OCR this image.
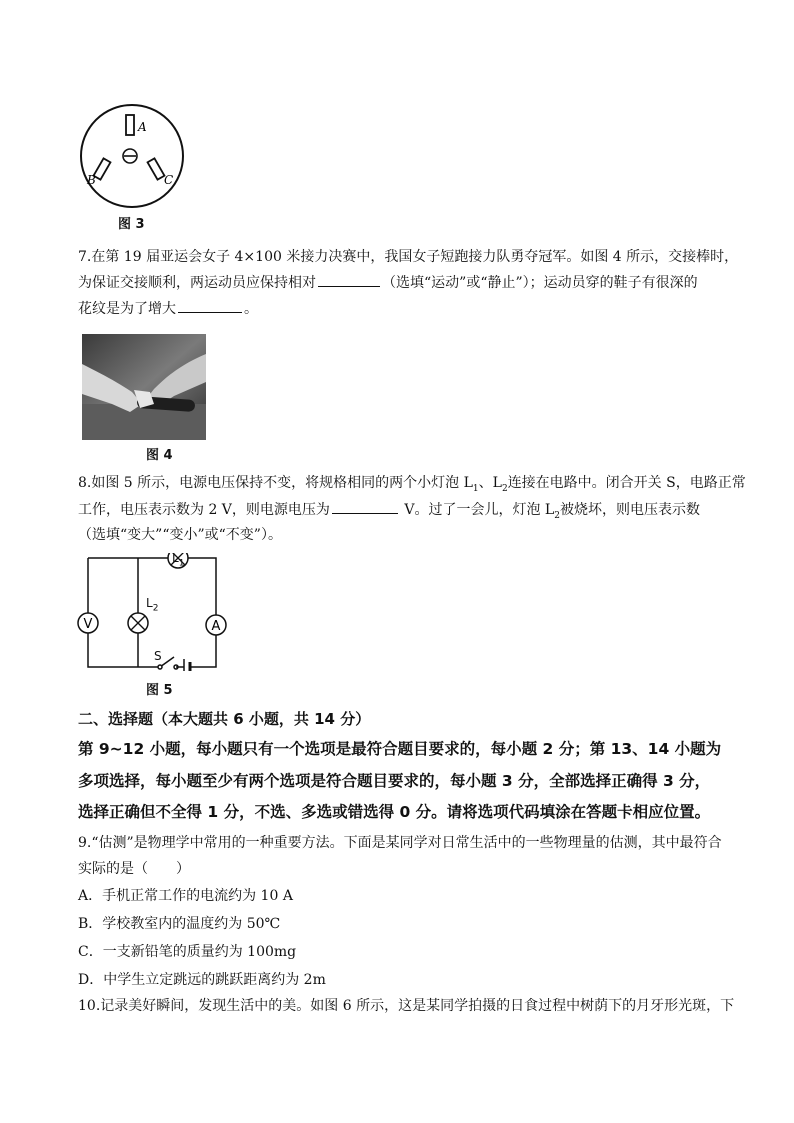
A
B	C
图 3
7.在第 19 届亚运会女子 4×100 米接力决赛中，我国女子短跑接力队勇夺冠军。如图 4 所示，交接棒时，
为保证交接顺利，两运动员应保持相对	（选填“运动”或“静止”）；运动员穿的鞋子有很深的
花纹是为了增大	。
图 4
8.如图 5 所示，电源电压保持不变，将规格相同的两个小灯泡 $L_1$、$L_2$连接在电路中。闭合开关 S，电路正常
工作，电压表示数为 2 V，则电源电压为	V。过了一会儿，灯泡 $L_2$被烧坏，则电压表示数
（选填“变大”“变小”或“不变”）。
V	A
$L_1$
$L_2$
S
图 5
二、选择题（本大题共 6 小题，共 14 分）
第 9~12 小题，每小题只有一个选项是最符合题目要求的，每小题 2 分；第 13、14 小题为
多项选择，每小题至少有两个选项是符合题目要求的，每小题 3 分，全部选择正确得 3 分，
选择正确但不全得 1 分，不选、多选或错选得 0 分。请将选项代码填涂在答题卡相应位置。
9.“估测”是物理学中常用的一种重要方法。下面是某同学对日常生活中的一些物理量的估测，其中最符合
实际的是（　　）
A．手机正常工作的电流约为 10 A
B．学校教室内的温度约为 50℃
C．一支新铅笔的质量约为 100mg
D．中学生立定跳远的跳跃距离约为 2m
10.记录美好瞬间，发现生活中的美。如图 6 所示，这是某同学拍摄的日食过程中树荫下的月牙形光斑，下
